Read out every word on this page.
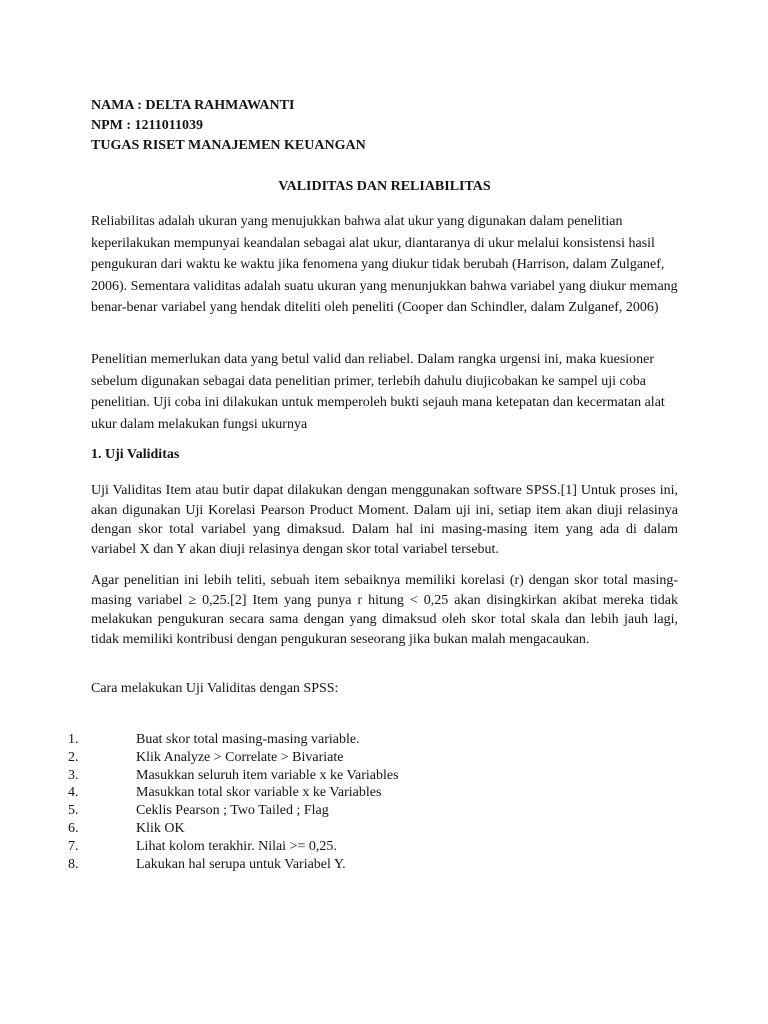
NAMA : DELTA RAHMAWANTI
NPM : 1211011039
TUGAS RISET MANAJEMEN KEUANGAN
VALIDITAS DAN RELIABILITAS

Reliabilitas adalah ukuran yang menujukkan bahwa alat ukur yang digunakan dalam penelitian keperilakukan mempunyai keandalan sebagai alat ukur, diantaranya di ukur melalui konsistensi hasil pengukuran dari waktu ke waktu jika fenomena yang diukur tidak berubah (Harrison, dalam Zulganef, 2006). Sementara validitas adalah suatu ukuran yang menunjukkan bahwa variabel yang diukur memang benar-benar variabel yang hendak diteliti oleh peneliti (Cooper dan Schindler, dalam Zulganef, 2006)

Penelitian memerlukan data yang betul valid dan reliabel. Dalam rangka urgensi ini, maka kuesioner sebelum digunakan sebagai data penelitian primer, terlebih dahulu diujicobakan ke sampel uji coba penelitian. Uji coba ini dilakukan untuk memperoleh bukti sejauh mana ketepatan dan kecermatan alat ukur dalam melakukan fungsi ukurnya

1. Uji Validitas

Uji Validitas Item atau butir dapat dilakukan dengan menggunakan software SPSS.[1] Untuk proses ini, akan digunakan Uji Korelasi Pearson Product Moment. Dalam uji ini, setiap item akan diuji relasinya dengan skor total variabel yang dimaksud. Dalam hal ini masing-masing item yang ada di dalam variabel X dan Y akan diuji relasinya dengan skor total variabel tersebut.

Agar penelitian ini lebih teliti, sebuah item sebaiknya memiliki korelasi (r) dengan skor total masing-masing variabel ≥ 0,25.[2] Item yang punya r hitung < 0,25 akan disingkirkan akibat mereka tidak melakukan pengukuran secara sama dengan yang dimaksud oleh skor total skala dan lebih jauh lagi, tidak memiliki kontribusi dengan pengukuran seseorang jika bukan malah mengacaukan.

Cara melakukan Uji Validitas dengan SPSS:

1.	Buat skor total masing-masing variable.
2.	Klik Analyze > Correlate > Bivariate
3.	Masukkan seluruh item variable x ke Variables
4.	Masukkan total skor variable x ke Variables
5.	Ceklis Pearson ; Two Tailed ; Flag
6.	Klik OK
7.	Lihat kolom terakhir. Nilai >= 0,25.
8.	Lakukan hal serupa untuk Variabel Y.
